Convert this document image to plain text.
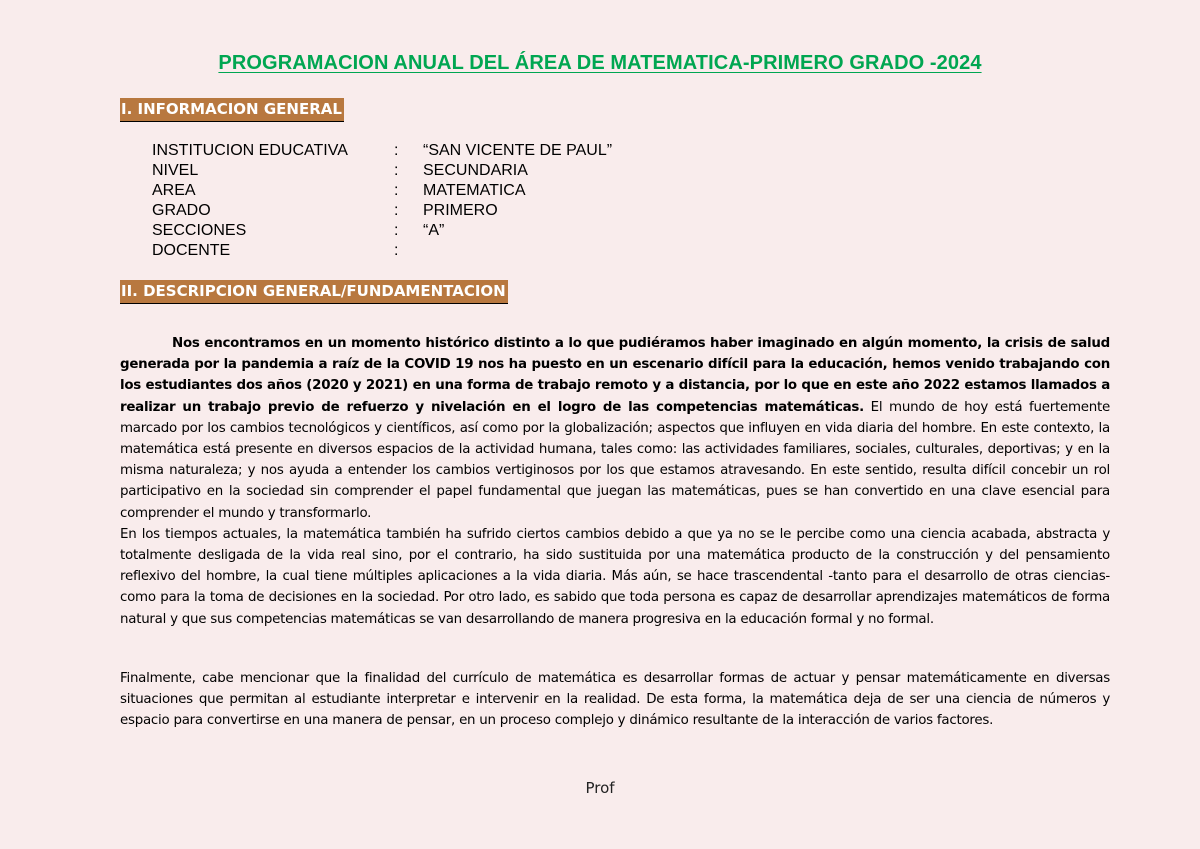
PROGRAMACION ANUAL DEL ÁREA DE MATEMATICA-PRIMERO GRADO -2024
I. INFORMACION GENERAL
INSTITUCION EDUCATIVA	: “SAN VICENTE DE PAUL”
NIVEL	: SECUNDARIA
AREA	: MATEMATICA
GRADO	: PRIMERO
SECCIONES	: “A”
DOCENTE	:
II. DESCRIPCION GENERAL/FUNDAMENTACION
Nos encontramos en un momento histórico distinto a lo que pudiéramos haber imaginado en algún momento, la crisis de salud generada por la pandemia a raíz de la COVID 19 nos ha puesto en un escenario difícil para la educación, hemos venido trabajando con los estudiantes dos años (2020 y 2021) en una forma de trabajo remoto y a distancia, por lo que en este año 2022 estamos llamados a realizar un trabajo previo de refuerzo y nivelación en el logro de las competencias matemáticas. El mundo de hoy está fuertemente marcado por los cambios tecnológicos y científicos, así como por la globalización; aspectos que influyen en vida diaria del hombre. En este contexto, la matemática está presente en diversos espacios de la actividad humana, tales como: las actividades familiares, sociales, culturales, deportivas; y en la misma naturaleza; y nos ayuda a entender los cambios vertiginosos por los que estamos atravesando. En este sentido, resulta difícil concebir un rol participativo en la sociedad sin comprender el papel fundamental que juegan las matemáticas, pues se han convertido en una clave esencial para comprender el mundo y transformarlo.
En los tiempos actuales, la matemática también ha sufrido ciertos cambios debido a que ya no se le percibe como una ciencia acabada, abstracta y totalmente desligada de la vida real sino, por el contrario, ha sido sustituida por una matemática producto de la construcción y del pensamiento reflexivo del hombre, la cual tiene múltiples aplicaciones a la vida diaria. Más aún, se hace trascendental -tanto para el desarrollo de otras ciencias- como para la toma de decisiones en la sociedad. Por otro lado, es sabido que toda persona es capaz de desarrollar aprendizajes matemáticos de forma natural y que sus competencias matemáticas se van desarrollando de manera progresiva en la educación formal y no formal.
Finalmente, cabe mencionar que la finalidad del currículo de matemática es desarrollar formas de actuar y pensar matemáticamente en diversas situaciones que permitan al estudiante interpretar e intervenir en la realidad. De esta forma, la matemática deja de ser una ciencia de números y espacio para convertirse en una manera de pensar, en un proceso complejo y dinámico resultante de la interacción de varios factores.
Prof
